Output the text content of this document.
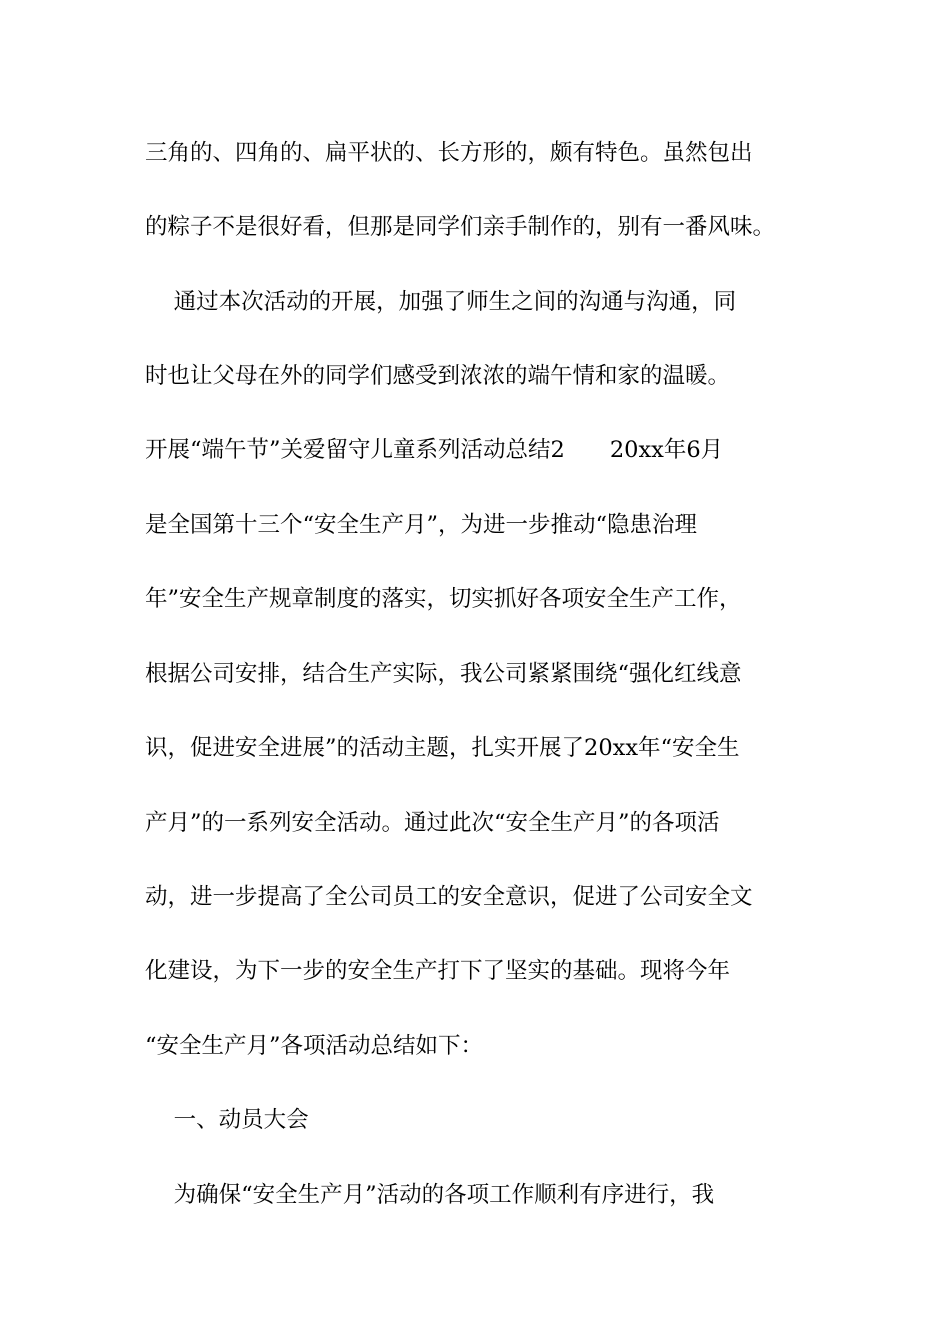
三角的、四角的、扁平状的、长方形的，颇有特色。虽然包出
的粽子不是很好看，但那是同学们亲手制作的，别有一番风味。
通过本次活动的开展，加强了师生之间的沟通与沟通，同
时也让父母在外的同学们感受到浓浓的端午情和家的温暖。
开展“端午节”关爱留守儿童系列活动总结2　　20xx年6月
是全国第十三个“安全生产月”，为进一步推动“隐患治理
年”安全生产规章制度的落实，切实抓好各项安全生产工作，
根据公司安排，结合生产实际，我公司紧紧围绕“强化红线意
识，促进安全进展”的活动主题，扎实开展了20xx年“安全生
产月”的一系列安全活动。通过此次“安全生产月”的各项活
动，进一步提高了全公司员工的安全意识，促进了公司安全文
化建设，为下一步的安全生产打下了坚实的基础。现将今年
“安全生产月”各项活动总结如下：
一、动员大会
为确保“安全生产月”活动的各项工作顺利有序进行，我
